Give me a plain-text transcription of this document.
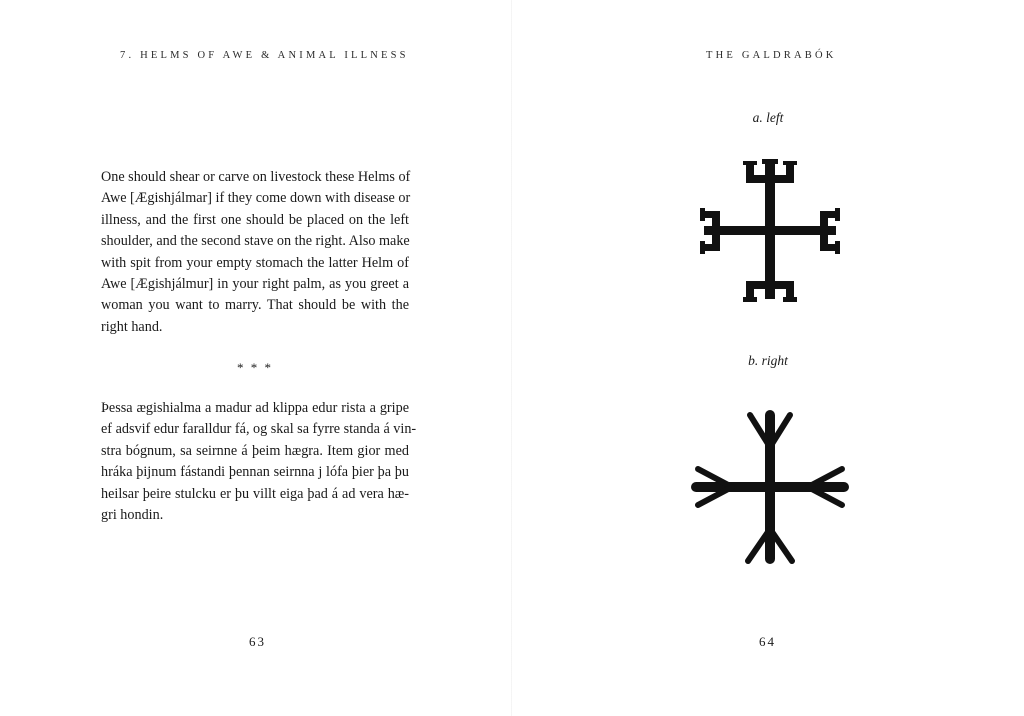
7. HELMS OF AWE & ANIMAL ILLNESS
One should shear or carve on livestock these Helms of
Awe [Ægishjálmar] if they come down with disease or
illness, and the first one should be placed on the left
shoulder, and the second stave on the right. Also make
with spit from your empty stomach the latter Helm of
Awe [Ægishjálmur] in your right palm, as you greet a
woman you want to marry. That should be with the
right hand.
* * *
Þessa ægishialma a madur ad klippa edur rista a gripe
ef adsvif edur faralldur fá, og skal sa fyrre standa á vin-
stra bógnum, sa seirnne á þeim hægra. Item gior med
hráka þijnum fástandi þennan seirnna j lófa þier þa þu
heilsar þeire stulcku er þu villt eiga þad á ad vera hæ-
gri hondin.
63
THE GALDRABÓK
a. left
b. right
64
